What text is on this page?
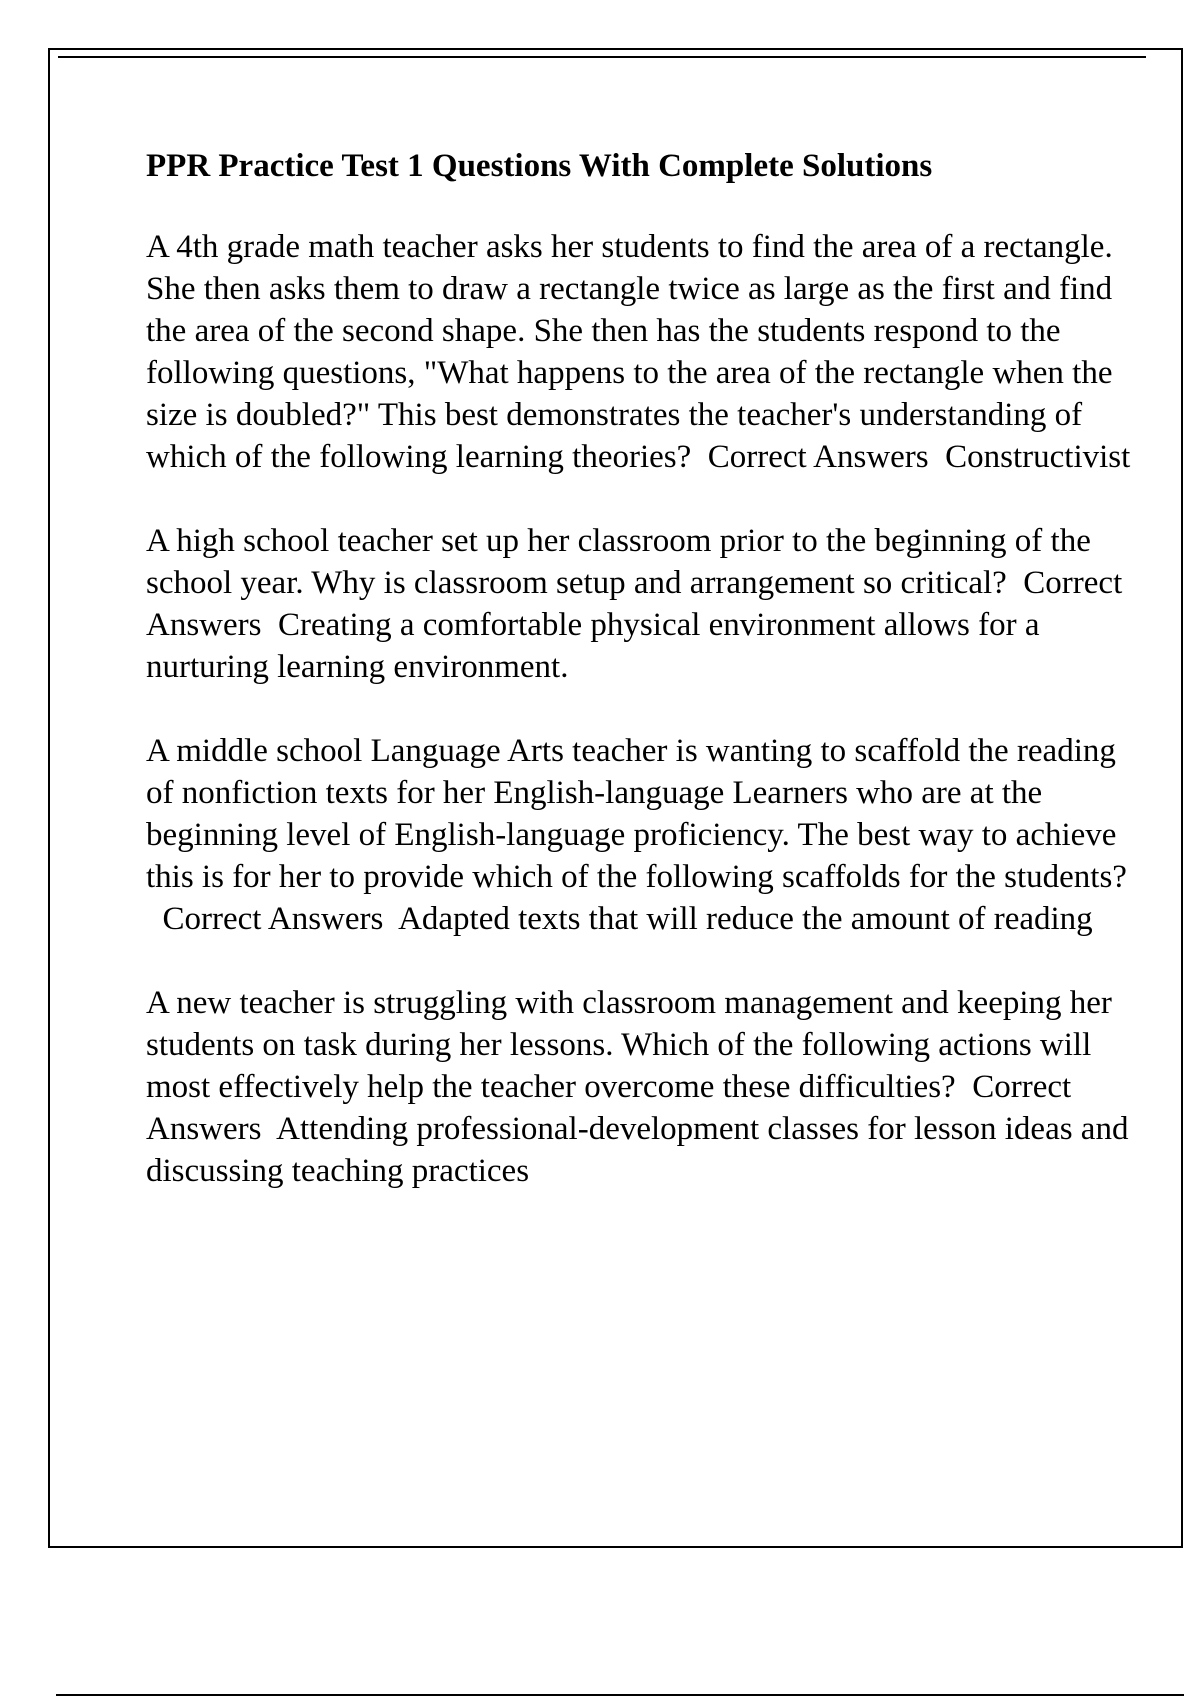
PPR Practice Test 1 Questions With Complete Solutions

A 4th grade math teacher asks her students to find the area of a rectangle. She then asks them to draw a rectangle twice as large as the first and find the area of the second shape. She then has the students respond to the following questions, "What happens to the area of the rectangle when the size is doubled?" This best demonstrates the teacher's understanding of which of the following learning theories? Correct Answers Constructivist

A high school teacher set up her classroom prior to the beginning of the school year. Why is classroom setup and arrangement so critical? Correct Answers Creating a comfortable physical environment allows for a nurturing learning environment.

A middle school Language Arts teacher is wanting to scaffold the reading of nonfiction texts for her English-language Learners who are at the beginning level of English-language proficiency. The best way to achieve this is for her to provide which of the following scaffolds for the students?  Correct Answers Adapted texts that will reduce the amount of reading

A new teacher is struggling with classroom management and keeping her students on task during her lessons. Which of the following actions will most effectively help the teacher overcome these difficulties? Correct Answers Attending professional-development classes for lesson ideas and discussing teaching practices
